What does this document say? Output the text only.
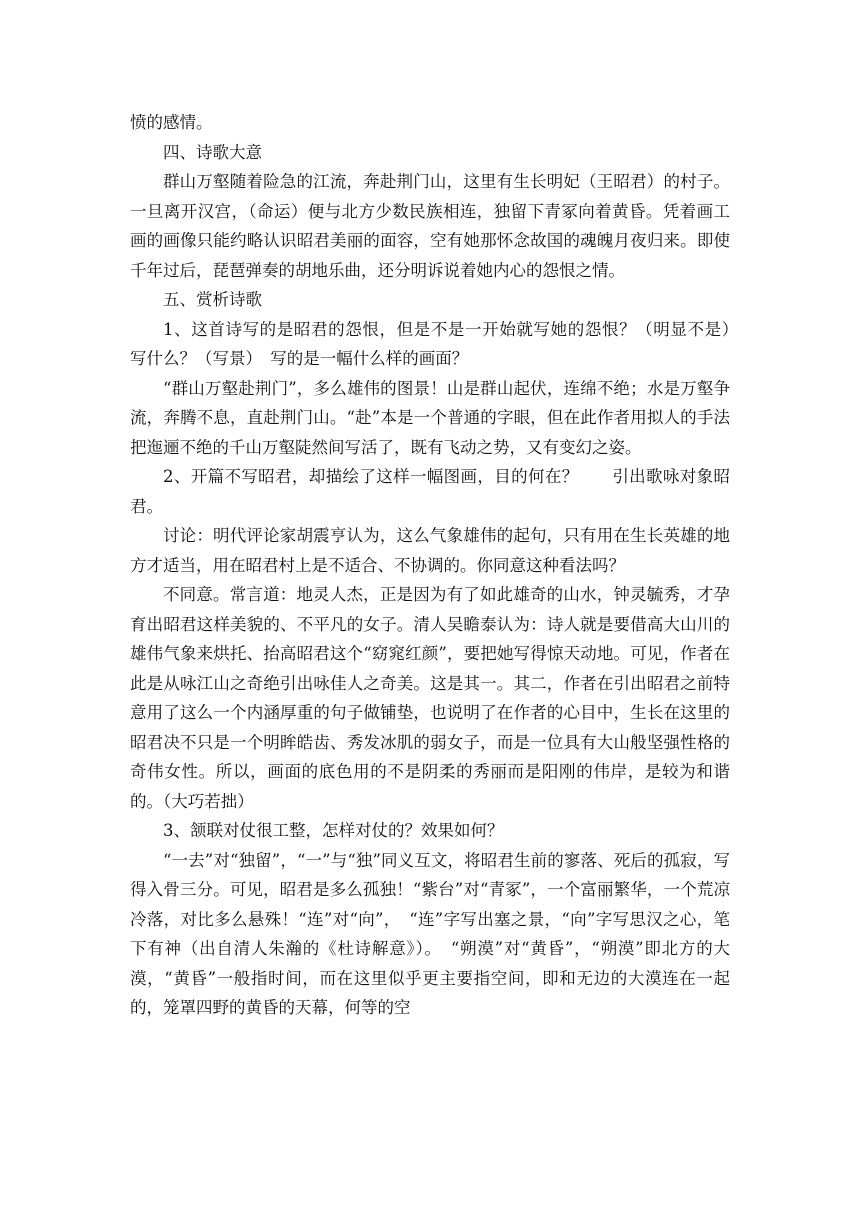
愤的感情。

四、诗歌大意

群山万壑随着险急的江流，奔赴荆门山，这里有生长明妃（王昭君）的村子。一旦离开汉宫，（命运）便与北方少数民族相连，独留下青冢向着黄昏。凭着画工画的画像只能约略认识昭君美丽的面容，空有她那怀念故国的魂魄月夜归来。即使千年过后，琵琶弹奏的胡地乐曲，还分明诉说着她内心的怨恨之情。

五、赏析诗歌

1、这首诗写的是昭君的怨恨，但是不是一开始就写她的怨恨？（明显不是）　写什么？（写景）　写的是一幅什么样的画面？

“群山万壑赴荆门”，多么雄伟的图景！山是群山起伏，连绵不绝；水是万壑争流，奔腾不息，直赴荆门山。“赴”本是一个普通的字眼，但在此作者用拟人的手法把迤逦不绝的千山万壑陡然间写活了，既有飞动之势，又有变幻之姿。

2、开篇不写昭君，却描绘了这样一幅图画，目的何在？　　引出歌咏对象昭君。

讨论：明代评论家胡震亨认为，这么气象雄伟的起句，只有用在生长英雄的地方才适当，用在昭君村上是不适合、不协调的。你同意这种看法吗？

不同意。常言道：地灵人杰，正是因为有了如此雄奇的山水，钟灵毓秀，才孕育出昭君这样美貌的、不平凡的女子。清人吴瞻泰认为：诗人就是要借高大山川的雄伟气象来烘托、抬高昭君这个“窈窕红颜”，要把她写得惊天动地。可见，作者在此是从咏江山之奇绝引出咏佳人之奇美。这是其一。其二，作者在引出昭君之前特意用了这么一个内涵厚重的句子做铺垫，也说明了在作者的心目中，生长在这里的昭君决不只是一个明眸皓齿、秀发冰肌的弱女子，而是一位具有大山般坚强性格的奇伟女性。所以，画面的底色用的不是阴柔的秀丽而是阳刚的伟岸，是较为和谐的。（大巧若拙）

3、颔联对仗很工整，怎样对仗的？效果如何？

“一去”对“独留”，“一”与“独”同义互文，将昭君生前的寥落、死后的孤寂，写得入骨三分。可见，昭君是多么孤独！“紫台”对“青冢”，一个富丽繁华，一个荒凉冷落，对比多么悬殊！“连”对“向”，　“连”字写出塞之景，“向”字写思汉之心，笔下有神（出自清人朱瀚的《杜诗解意》）。　“朔漠”对“黄昏”，“朔漠”即北方的大漠，“黄昏”一般指时间，而在这里似乎更主要指空间，即和无边的大漠连在一起的，笼罩四野的黄昏的天幕，何等的空
